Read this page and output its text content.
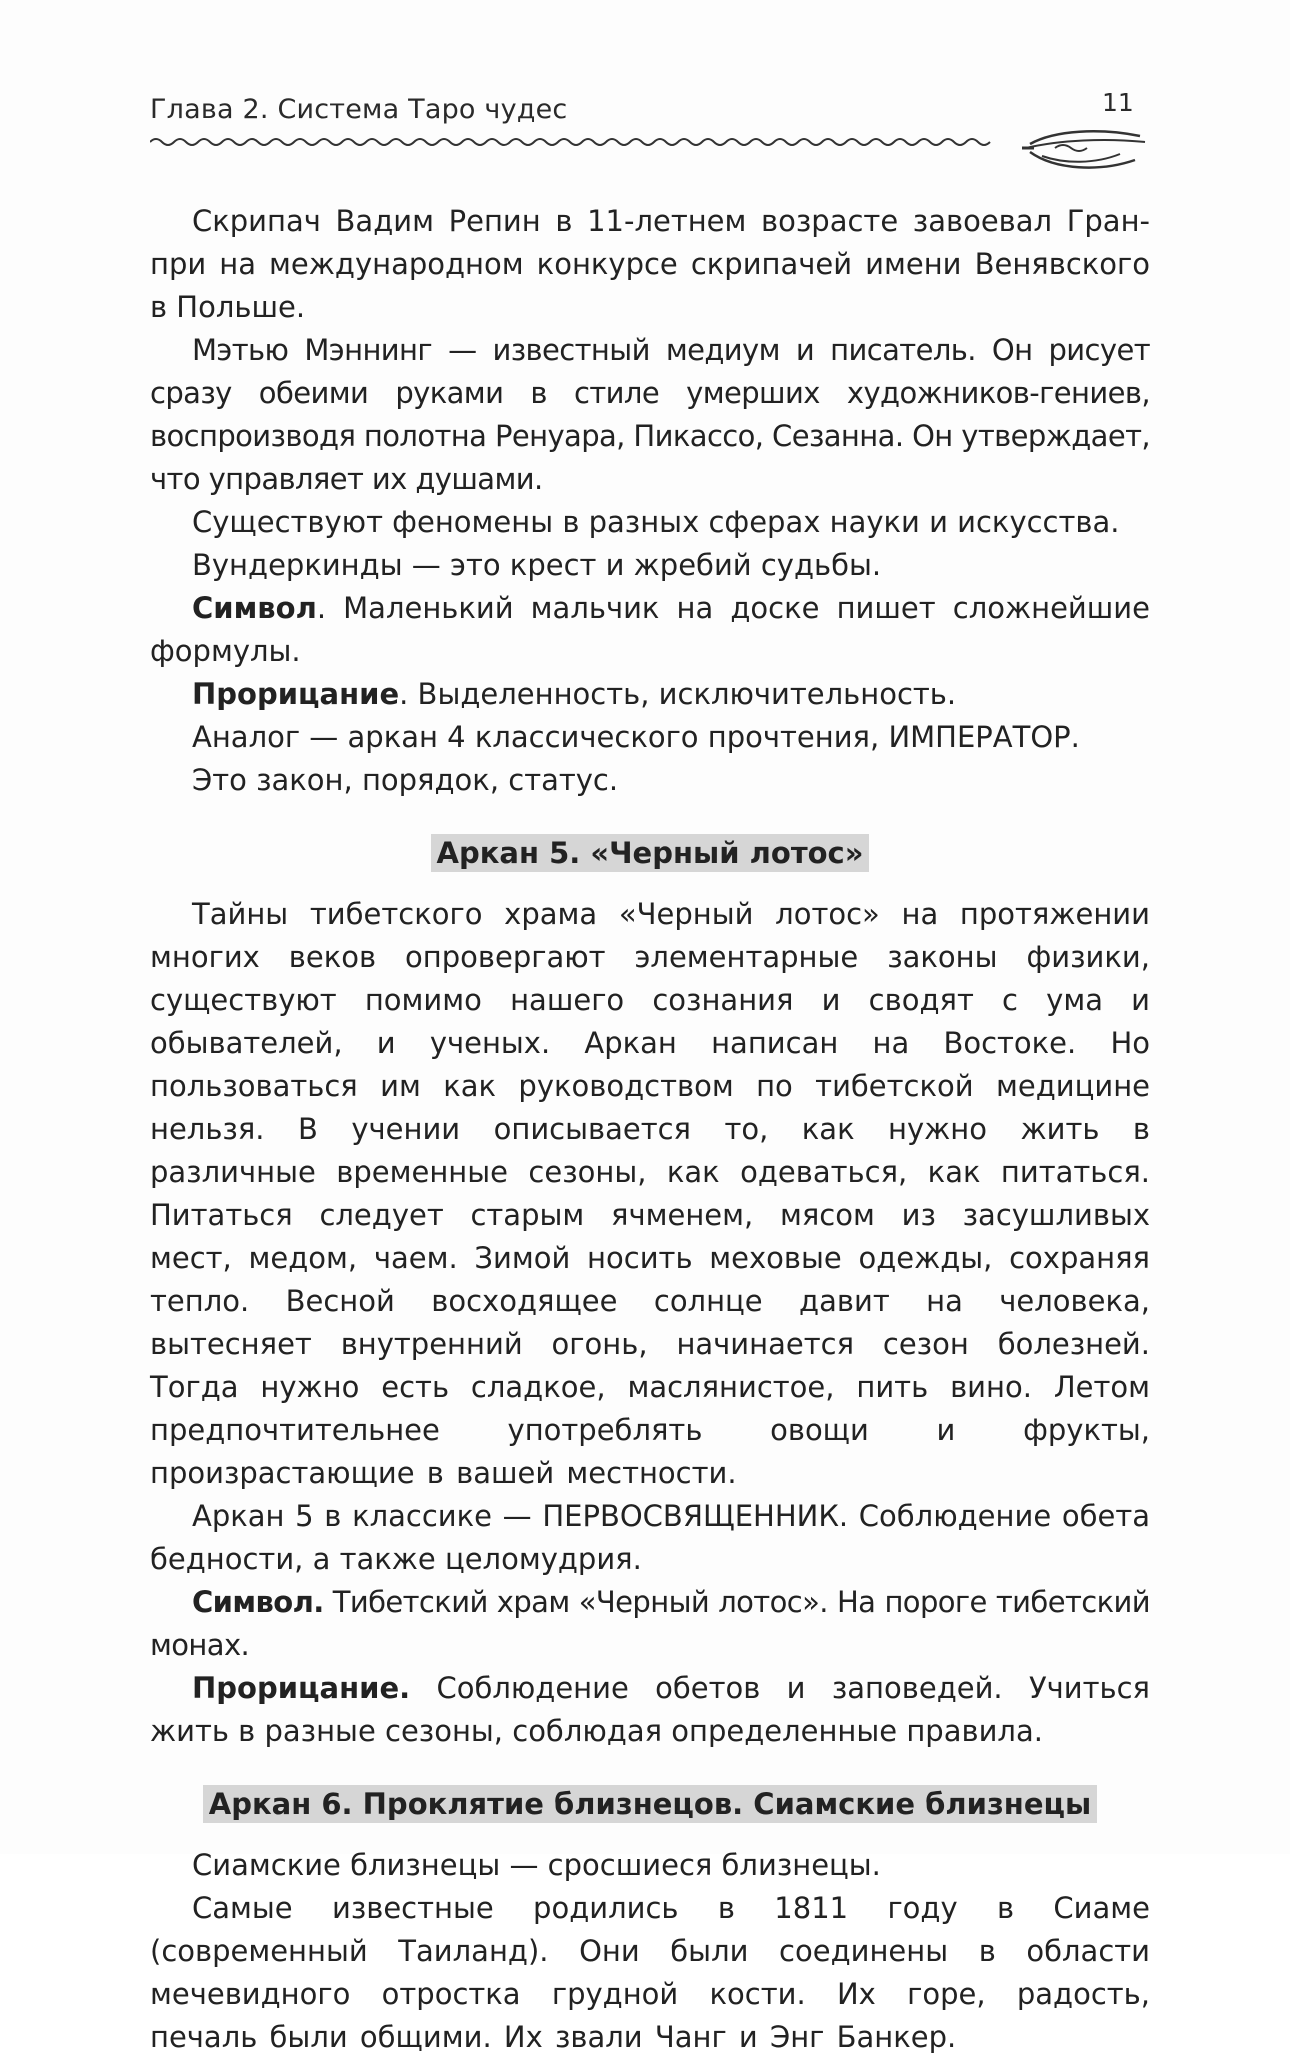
Глава 2. Система Таро чудес	11

Скрипач Вадим Репин в 11-летнем возрасте завоевал Гран-при на международном конкурсе скрипачей имени Венявского в Польше.

Мэтью Мэннинг — известный медиум и писатель. Он рисует сразу обеими руками в стиле умерших художников-гениев, воспроизводя полотна Ренуара, Пикассо, Сезанна. Он утверждает, что управляет их душами.

Существуют феномены в разных сферах науки и искусства.

Вундеркинды — это крест и жребий судьбы.

Символ. Маленький мальчик на доске пишет сложнейшие формулы.

Прорицание. Выделенность, исключительность.

Аналог — аркан 4 классического прочтения, ИМПЕРАТОР.

Это закон, порядок, статус.

Аркан 5. «Черный лотос»

Тайны тибетского храма «Черный лотос» на протяжении многих веков опровергают элементарные законы физики, существуют помимо нашего сознания и сводят с ума и обывателей, и ученых. Аркан написан на Востоке. Но пользоваться им как руководством по тибетской медицине нельзя. В учении описывается то, как нужно жить в различные временные сезоны, как одеваться, как питаться. Питаться следует старым ячменем, мясом из засушливых мест, медом, чаем. Зимой носить меховые одежды, сохраняя тепло. Весной восходящее солнце давит на человека, вытесняет внутренний огонь, начинается сезон болезней. Тогда нужно есть сладкое, маслянистое, пить вино. Летом предпочтительнее употреблять овощи и фрукты, произрастающие в вашей местности.

Аркан 5 в классике — ПЕРВОСВЯЩЕННИК. Соблюдение обета бедности, а также целомудрия.

Символ. Тибетский храм «Черный лотос». На пороге тибетский монах.

Прорицание. Соблюдение обетов и заповедей. Учиться жить в разные сезоны, соблюдая определенные правила.

Аркан 6. Проклятие близнецов. Сиамские близнецы

Сиамские близнецы — сросшиеся близнецы.

Самые известные родились в 1811 году в Сиаме (современный Таиланд). Они были соединены в области мечевидного отростка грудной кости. Их горе, радость, печаль были общими. Их звали Чанг и Энг Банкер.
